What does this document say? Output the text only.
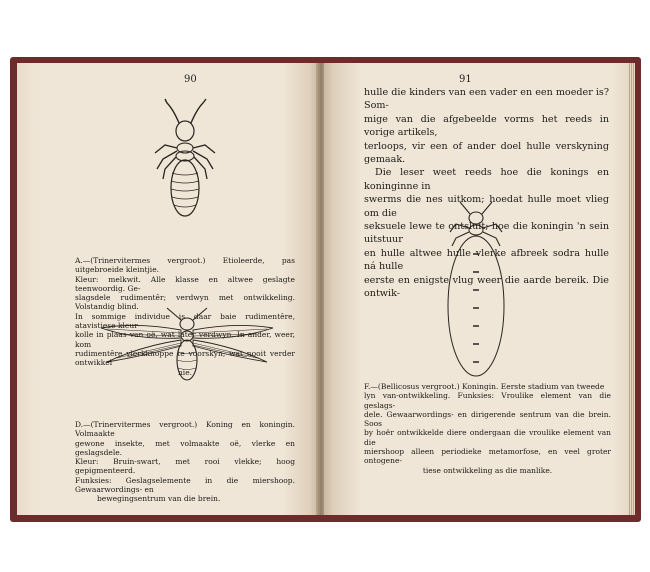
90

A.—(Trinervitermes vergroot.) Etioleerde, pas uitgebroeide kleintjie.

Kleur: melkwit. Alle klasse en altwee geslagte teenwoordig. Ge-

slagsdele rudimentêr; verdwyn met ontwikkeling. Volstandig blind.

In sommige individue is daar baie rudimentêre, atavistiese kleur-

kolle in plaas van oë, wat later verdwyn. In ander, weer, kom

rudimentêre vlerkknoppe te voorskyn, wat nooit verder ontwikkel

nie.

D.—(Trinervitermes vergroot.) Koning en koningin. Volmaakte

gewone insekte, met volmaakte oë, vlerke en geslagsdele.

Kleur: Bruin-swart, met rooi vlekke; hoog gepigmenteerd.

Funksies: Geslagselemente in die miershoop. Gewaarwordings- en

bewegingsentrum van die brein.

91

hulle die kinders van een vader en een moeder is? Som-

mige van die afgebeelde vorms het reeds in vorige artikels,

terloops, vir een of ander doel hulle verskyning gemaak.

Die leser weet reeds hoe die konings en koninginne in

swerms die nes uitkom; hoedat hulle moet vlieg om die

seksuele lewe te ontsluit; hoe die koningin 'n sein uitstuur

en hulle altwee hulle vlerke afbreek sodra hulle ná hulle

eerste en enigste vlug weer die aarde bereik. Die ontwik-

F.—(Bellicosus vergroot.) Koningin. Eerste stadium van tweede

lyn van-ontwikkeling. Funksies: Vroulike element van die geslags-

dele. Gewaarwordings- en dirigerende sentrum van die brein. Soos

by hoër ontwikkelde diere ondergaan die vroulike element van die

miershoop alleen periodieke metamorfose, en veel groter ontogene-

tiese ontwikkeling as die manlike.
